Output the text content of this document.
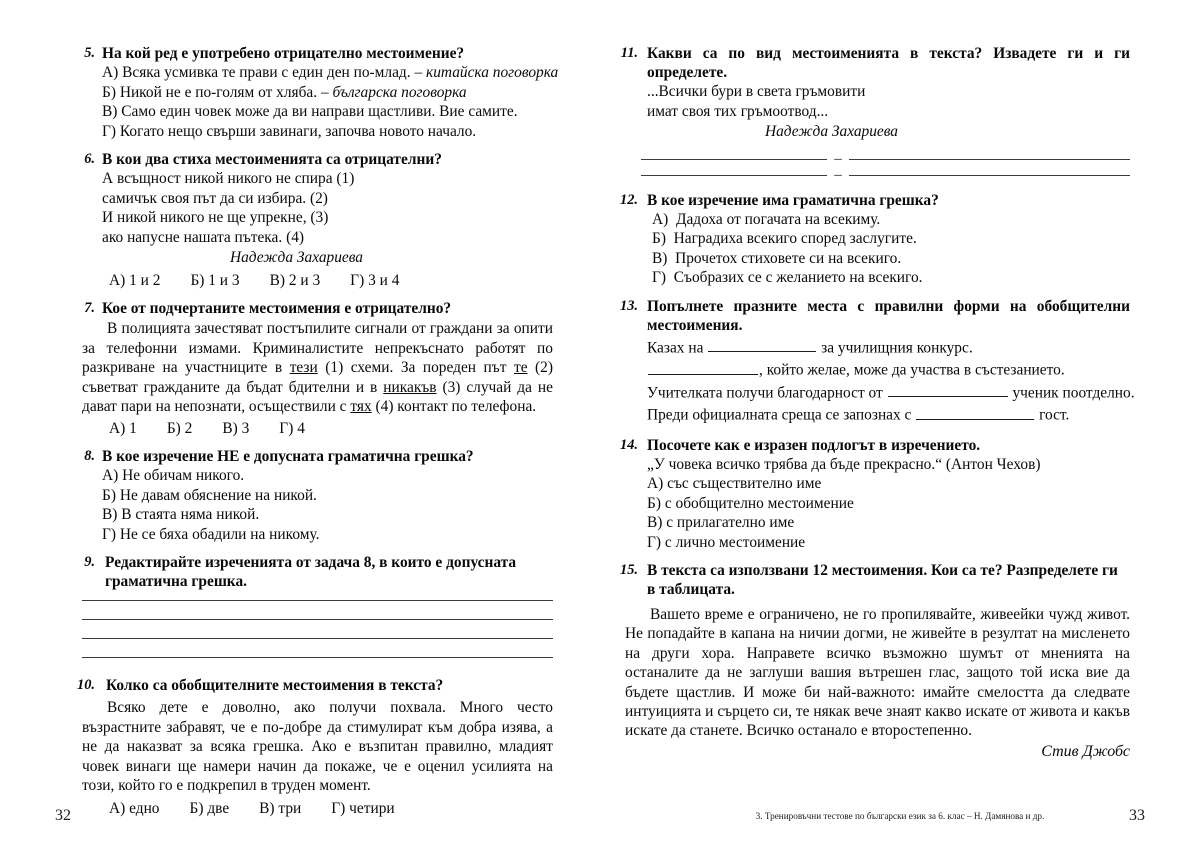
5. На кой ред е употребено отрицателно местоимение?
А) Всяка усмивка те прави с един ден по-млад. – китайска поговорка
Б) Никой не е по-голям от хляба. – българска поговорка
В) Само един човек може да ви направи щастливи. Вие самите.
Г) Когато нещо свърши завинаги, започва новото начало.
6. В кои два стиха местоименията са отрицателни?
А всъщност никой никого не спира (1)
самичък своя път да си избира. (2)
И никой никого не ще упрекне, (3)
ако напусне нашата пътека. (4)
Надежда Захариева
А) 1 и 2 Б) 1 и 3 В) 2 и 3 Г) 3 и 4
7. Кое от подчертаните местоимения е отрицателно?
В полицията зачестяват постъпилите сигнали от граждани за опити за телефонни измами. Криминалистите непрекъснато работят по разкриване на участниците в тези (1) схеми. За пореден път те (2) съветват гражданите да бъдат бдителни и в никакъв (3) случай да не дават пари на непознати, осъществили с тях (4) контакт по телефона.
А) 1 Б) 2 В) 3 Г) 4
8. В кое изречение НЕ е допусната граматична грешка?
А) Не обичам никого.
Б) Не давам обяснение на никой.
В) В стаята няма никой.
Г) Не се бяха обадили на никому.
9. Редактирайте изреченията от задача 8, в които е допусната граматична грешка.
10. Колко са обобщителните местоимения в текста?
Всяко дете е доволно, ако получи похвала. Много често възрастните забравят, че е по-добре да стимулират към добра изява, а не да наказват за всяка грешка. Ако е възпитан правилно, младият човек винаги ще намери начин да покаже, че е оценил усилията на този, който го е подкрепил в труден момент.
А) едно Б) две В) три Г) четири
32
11. Какви са по вид местоименията в текста? Извадете ги и ги определете.
...Всички бури в света гръмовити
имат своя тих гръмоотвод...
Надежда Захариева
–
–
12. В кое изречение има граматична грешка?
А) Дадоха от погачата на всекиму.
Б) Наградиха всекиго според заслугите.
В) Прочетох стиховете си на всекиго.
Г) Съобразих се с желанието на всекиго.
13. Попълнете празните места с правилни форми на обобщителни местоимения.
Казах на	за училищния конкурс.
, който желае, може да участва в състезанието.
Учителката получи благодарност от	ученик поотделно.
Преди официалната среща се запознах с	гост.
14. Посочете как е изразен подлогът в изречението.
„У човека всичко трябва да бъде прекрасно.“ (Антон Чехов)
А) със съществително име
Б) с обобщително местоимение
В) с прилагателно име
Г) с лично местоимение
15. В текста са използвани 12 местоимения. Кои са те? Разпределете ги в таблицата.
Вашето време е ограничено, не го пропилявайте, живеейки чужд живот. Не попадайте в капана на ничии догми, не живейте в резултат на мисленето на други хора. Направете всичко възможно шумът от мненията на останалите да не заглуши вашия вътрешен глас, защото той иска вие да бъдете щастлив. И може би най-важното: имайте смелостта да следвате интуицията и сърцето си, те някак вече знаят какво искате от живота и какъв искате да станете. Всичко останало е второстепенно.
Стив Джобс
3. Тренировъчни тестове по български език за 6. клас – Н. Дамянова и др.	33
